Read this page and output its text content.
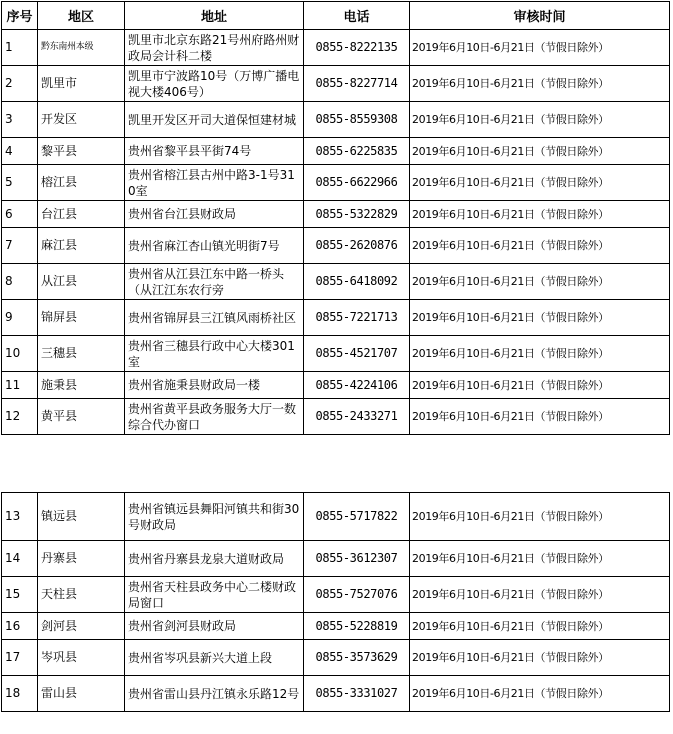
序号	地区	地址	电话	审核时间
1	黔东南州本级	凯里市北京东路21号州府路州财政局会计科二楼	0855-8222135	2019年6月10日-6月21日（节假日除外）
2	凯里市	凯里市宁波路10号（万博广播电视大楼406号）	0855-8227714	2019年6月10日-6月21日（节假日除外）
3	开发区	凯里开发区开司大道保恒建材城	0855-8559308	2019年6月10日-6月21日（节假日除外）
4	黎平县	贵州省黎平县平街74号	0855-6225835	2019年6月10日-6月21日（节假日除外）
5	榕江县	贵州省榕江县古州中路3-1号310室	0855-6622966	2019年6月10日-6月21日（节假日除外）
6	台江县	贵州省台江县财政局	0855-5322829	2019年6月10日-6月21日（节假日除外）
7	麻江县	贵州省麻江杏山镇光明街7号	0855-2620876	2019年6月10日-6月21日（节假日除外）
8	从江县	贵州省从江县江东中路一桥头（从江江东农行旁	0855-6418092	2019年6月10日-6月21日（节假日除外）
9	锦屏县	贵州省锦屏县三江镇风雨桥社区	0855-7221713	2019年6月10日-6月21日（节假日除外）
10	三穗县	贵州省三穗县行政中心大楼301室	0855-4521707	2019年6月10日-6月21日（节假日除外）
11	施秉县	贵州省施秉县财政局一楼	0855-4224106	2019年6月10日-6月21日（节假日除外）
12	黄平县	贵州省黄平县政务服务大厅一数综合代办窗口	0855-2433271	2019年6月10日-6月21日（节假日除外）
13	镇远县	贵州省镇远县舞阳河镇共和街30号财政局	0855-5717822	2019年6月10日-6月21日（节假日除外）
14	丹寨县	贵州省丹寨县龙泉大道财政局	0855-3612307	2019年6月10日-6月21日（节假日除外）
15	天柱县	贵州省天柱县政务中心二楼财政局窗口	0855-7527076	2019年6月10日-6月21日（节假日除外）
16	剑河县	贵州省剑河县财政局	0855-5228819	2019年6月10日-6月21日（节假日除外）
17	岑巩县	贵州省岑巩县新兴大道上段	0855-3573629	2019年6月10日-6月21日（节假日除外）
18	雷山县	贵州省雷山县丹江镇永乐路12号	0855-3331027	2019年6月10日-6月21日（节假日除外）
